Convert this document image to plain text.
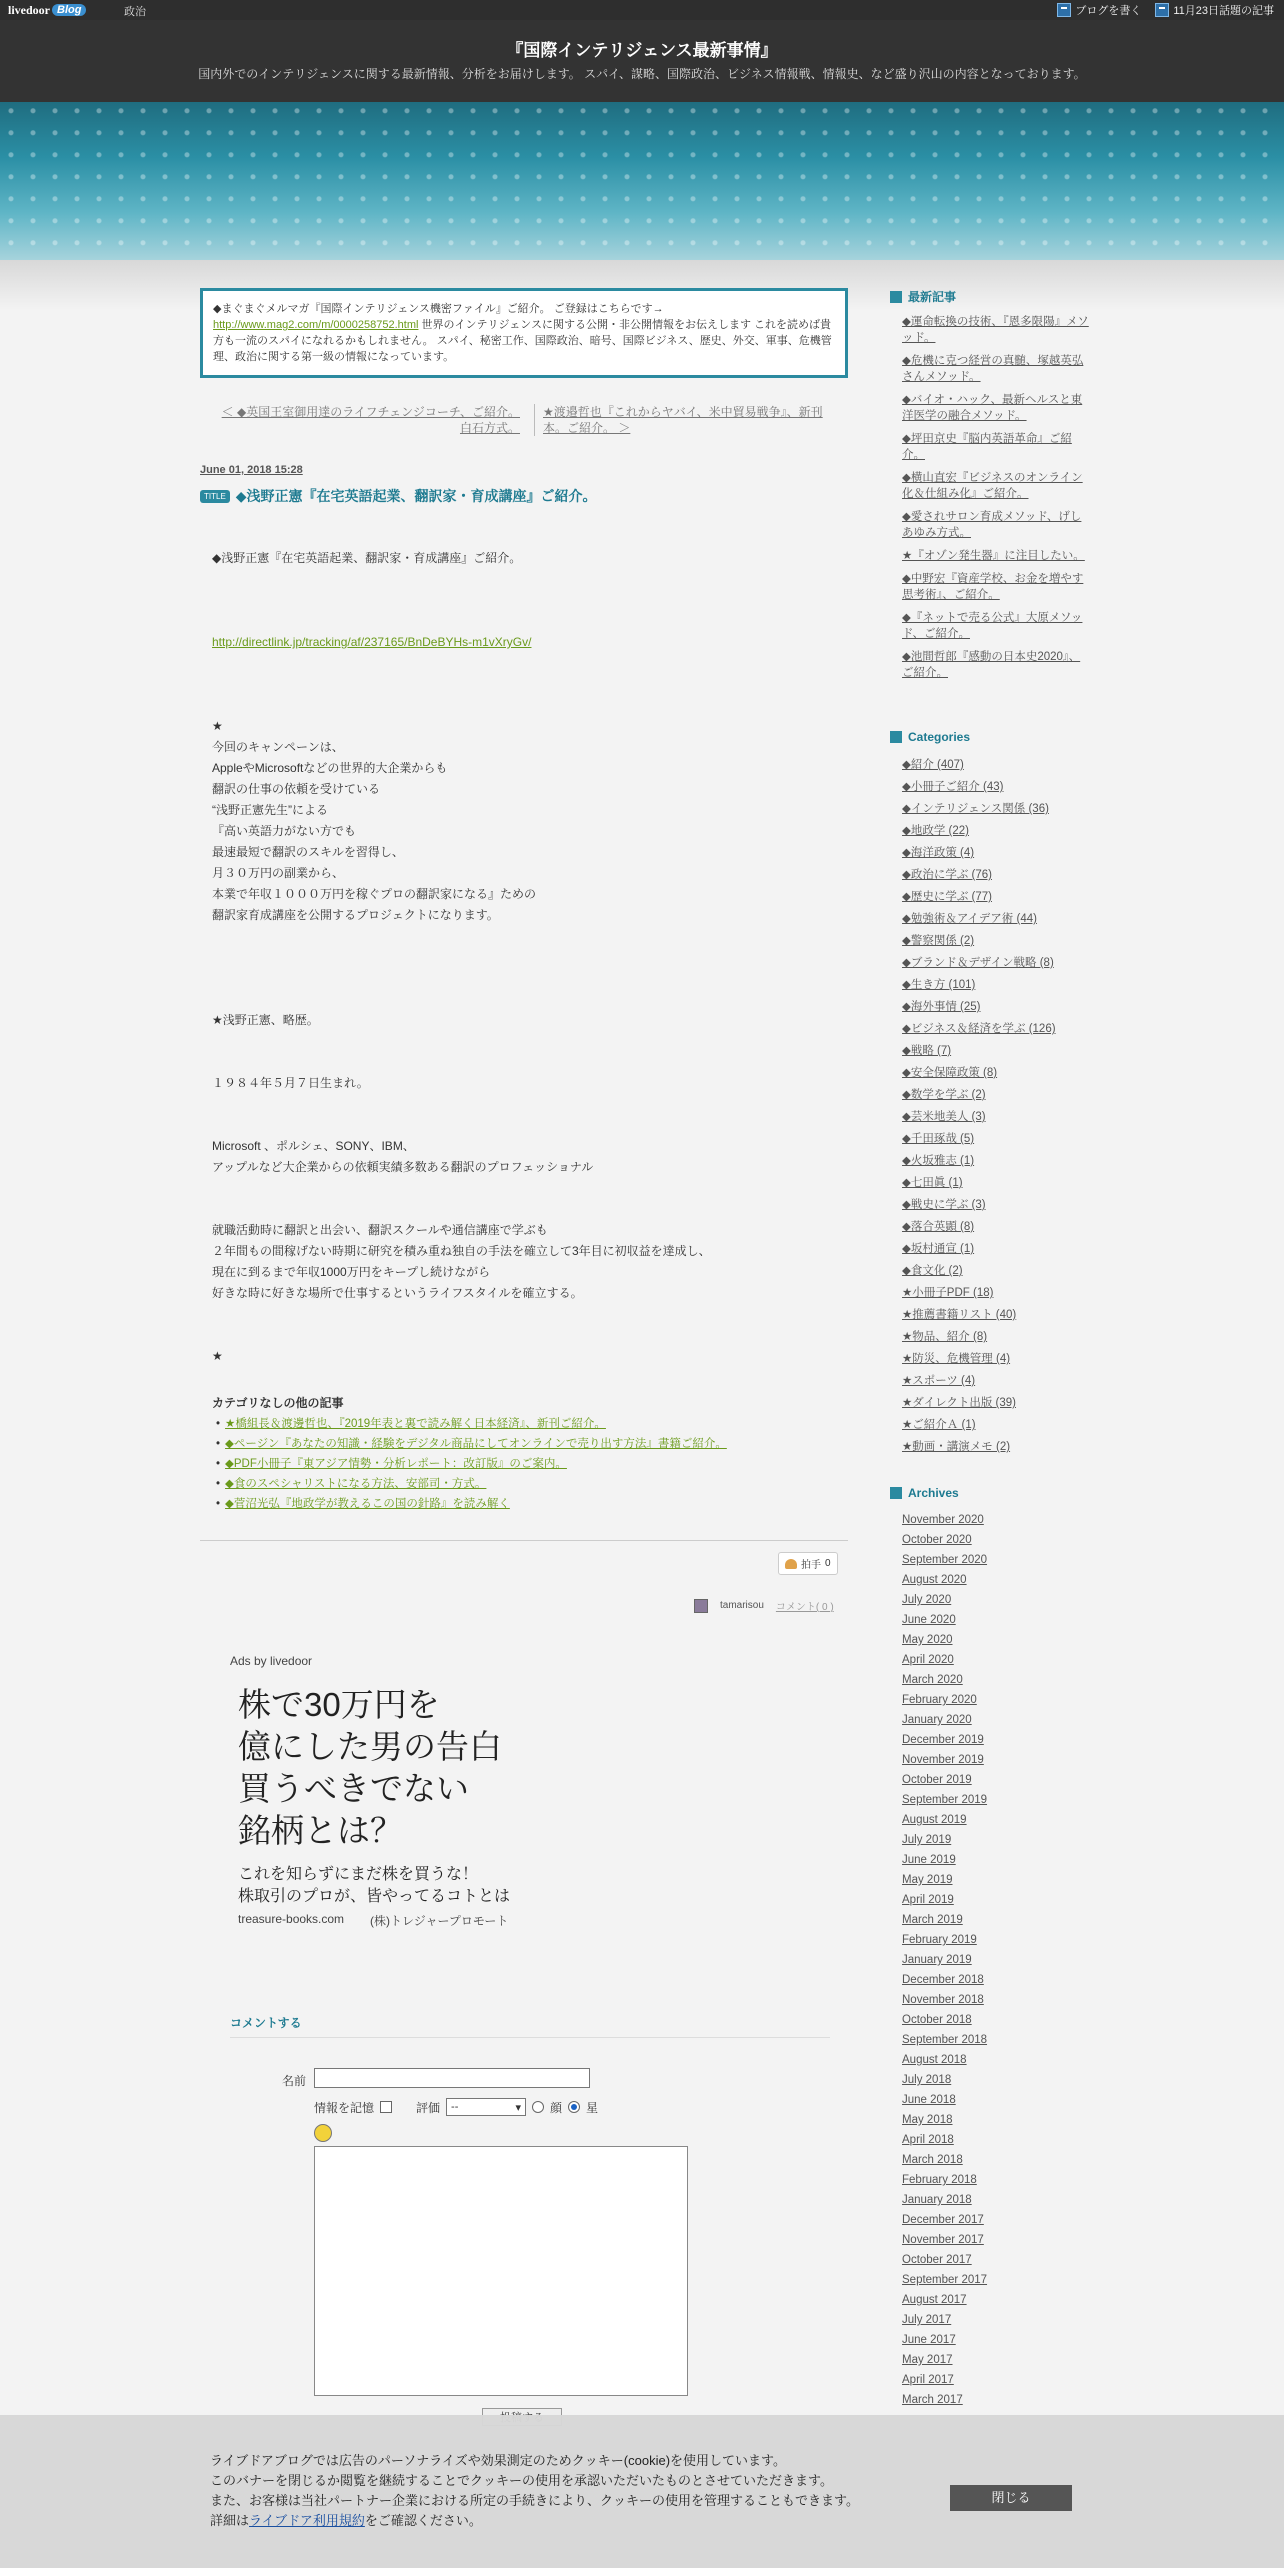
livedoor Blog	政治	ブログを書く	11月23日話題の記事
『国際インテリジェンス最新事情』
国内外でのインテリジェンスに関する最新情報、分析をお届けします。 スパイ、謀略、国際政治、ビジネス情報戦、情報史、など盛り沢山の内容となっております。
◆まぐまぐメルマガ『国際インテリジェンス機密ファイル』ご紹介。 ご登録はこちらです→ http://www.mag2.com/m/0000258752.html 世界のインテリジェンスに関する公開・非公開情報をお伝えします これを読めば貴方も一流のスパイになれるかもしれません。 スパイ、秘密工作、国際政治、暗号、国際ビジネス、歴史、外交、軍事、危機管理、政治に関する第一級の情報になっています。
＜ ◆英国王室御用達のライフチェンジコーチ、ご紹介。白石方式。
★渡邉哲也『これからヤバイ、米中貿易戦争』、新刊本。ご紹介。 ＞
June 01, 2018 15:28
TITLE ◆浅野正憲『在宅英語起業、翻訳家・育成講座』ご紹介。

◆浅野正憲『在宅英語起業、翻訳家・育成講座』ご紹介。

http://directlink.jp/tracking/af/237165/BnDeBYHs-m1vXryGv/

★
今回のキャンペーンは、
AppleやMicrosoftなどの世界的大企業からも
翻訳の仕事の依頼を受けている
“浅野正憲先生”による
『高い英語力がない方でも
最速最短で翻訳のスキルを習得し、
月３０万円の副業から、
本業で年収１０００万円を稼ぐプロの翻訳家になる』ための
翻訳家育成講座を公開するプロジェクトになります。

★浅野正憲、略歴。

１９８４年５月７日生まれ。

Microsoft 、ポルシェ、SONY、IBM、
アップルなど大企業からの依頼実績多数ある翻訳のプロフェッショナル

就職活動時に翻訳と出会い、翻訳スクールや通信講座で学ぶも
２年間もの間稼げない時期に研究を積み重ね独自の手法を確立して3年目に初収益を達成し、
現在に到るまで年収1000万円をキープし続けながら
好きな時に好きな場所で仕事するというライフスタイルを確立する。

★

カテゴリなしの他の記事
• ★橋組長＆渡邊哲也、『2019年表と裏で読み解く日本経済』、新刊ご紹介。
• ◆ページン『あなたの知識・経験をデジタル商品にしてオンラインで売り出す方法』書籍ご紹介。
• ◆PDF小冊子『東アジア情勢・分析レポート：改訂版』のご案内。
• ◆食のスペシャリストになる方法、安部司・方式。
• ◆菅沼光弘『地政学が教えるこの国の針路』を読み解く
拍手 0
tamarisou コメント( 0 )
Ads by livedoor
株で30万円を
億にした男の告白
買うべきでない
銘柄とは？
これを知らずにまだ株を買うな！
株取引のプロが、皆やってるコトとは
treasure-books.com (株)トレジャープロモート
コメントする
名前
情報を記憶	評価 --	▾ 顔 星
最新記事
◆運命転換の技術、『恩多限陽』メソッド。
◆危機に克つ経営の真髄、塚越英弘さんメソッド。
◆バイオ・ハック、最新ヘルスと東洋医学の融合メソッド。
◆坪田京史『脳内英語革命』ご紹介。
◆横山直宏『ビジネスのオンライン化＆仕組み化』ご紹介。
◆愛されサロン育成メソッド、げしあゆみ方式。
★『オゾン発生器』に注目したい。
◆中野宏『資産学校、お金を増やす思考術』、ご紹介。
◆『ネットで売る公式』大原メソッド、ご紹介。
◆池間哲郎『感動の日本史2020』、ご紹介。
Categories
◆紹介 (407)
◆小冊子ご紹介 (43)
◆インテリジェンス関係 (36)
◆地政学 (22)
◆海洋政策 (4)
◆政治に学ぶ (76)
◆歴史に学ぶ (77)
◆勉強術＆アイデア術 (44)
◆警察関係 (2)
◆ブランド＆デザイン戦略 (8)
◆生き方 (101)
◆海外事情 (25)
◆ビジネス＆経済を学ぶ (126)
◆戦略 (7)
◆安全保障政策 (8)
◆数学を学ぶ (2)
◆芸米地美人 (3)
◆千田琢哉 (5)
◆火坂雅志 (1)
◆七田眞 (1)
◆戦史に学ぶ (3)
◆落合英顕 (8)
◆坂村通宣 (1)
◆食文化 (2)
★小冊子PDF (18)
★推薦書籍リスト (40)
★物品、紹介 (8)
★防災、危機管理 (4)
★スポーツ (4)
★ダイレクト出版 (39)
★ご紹介Ａ (1)
★動画・講演メモ (2)
Archives
November 2020
October 2020
September 2020
August 2020
July 2020
June 2020
May 2020
April 2020
March 2020
February 2020
January 2020
December 2019
November 2019
October 2019
September 2019
August 2019
July 2019
June 2019
May 2019
April 2019
March 2019
February 2019
January 2019
December 2018
November 2018
October 2018
September 2018
August 2018
July 2018
June 2018
May 2018
April 2018
March 2018
February 2018
January 2018
December 2017
November 2017
October 2017
September 2017
August 2017
July 2017
June 2017
May 2017
April 2017
March 2017
ライブドアブログでは広告のパーソナライズや効果測定のためクッキー(cookie)を使用しています。
このバナーを閉じるか閲覧を継続することでクッキーの使用を承認いただいたものとさせていただきます。
また、お客様は当社パートナー企業における所定の手続きにより、クッキーの使用を管理することもできます。
詳細はライブドア利用規約をご確認ください。
閉じる
